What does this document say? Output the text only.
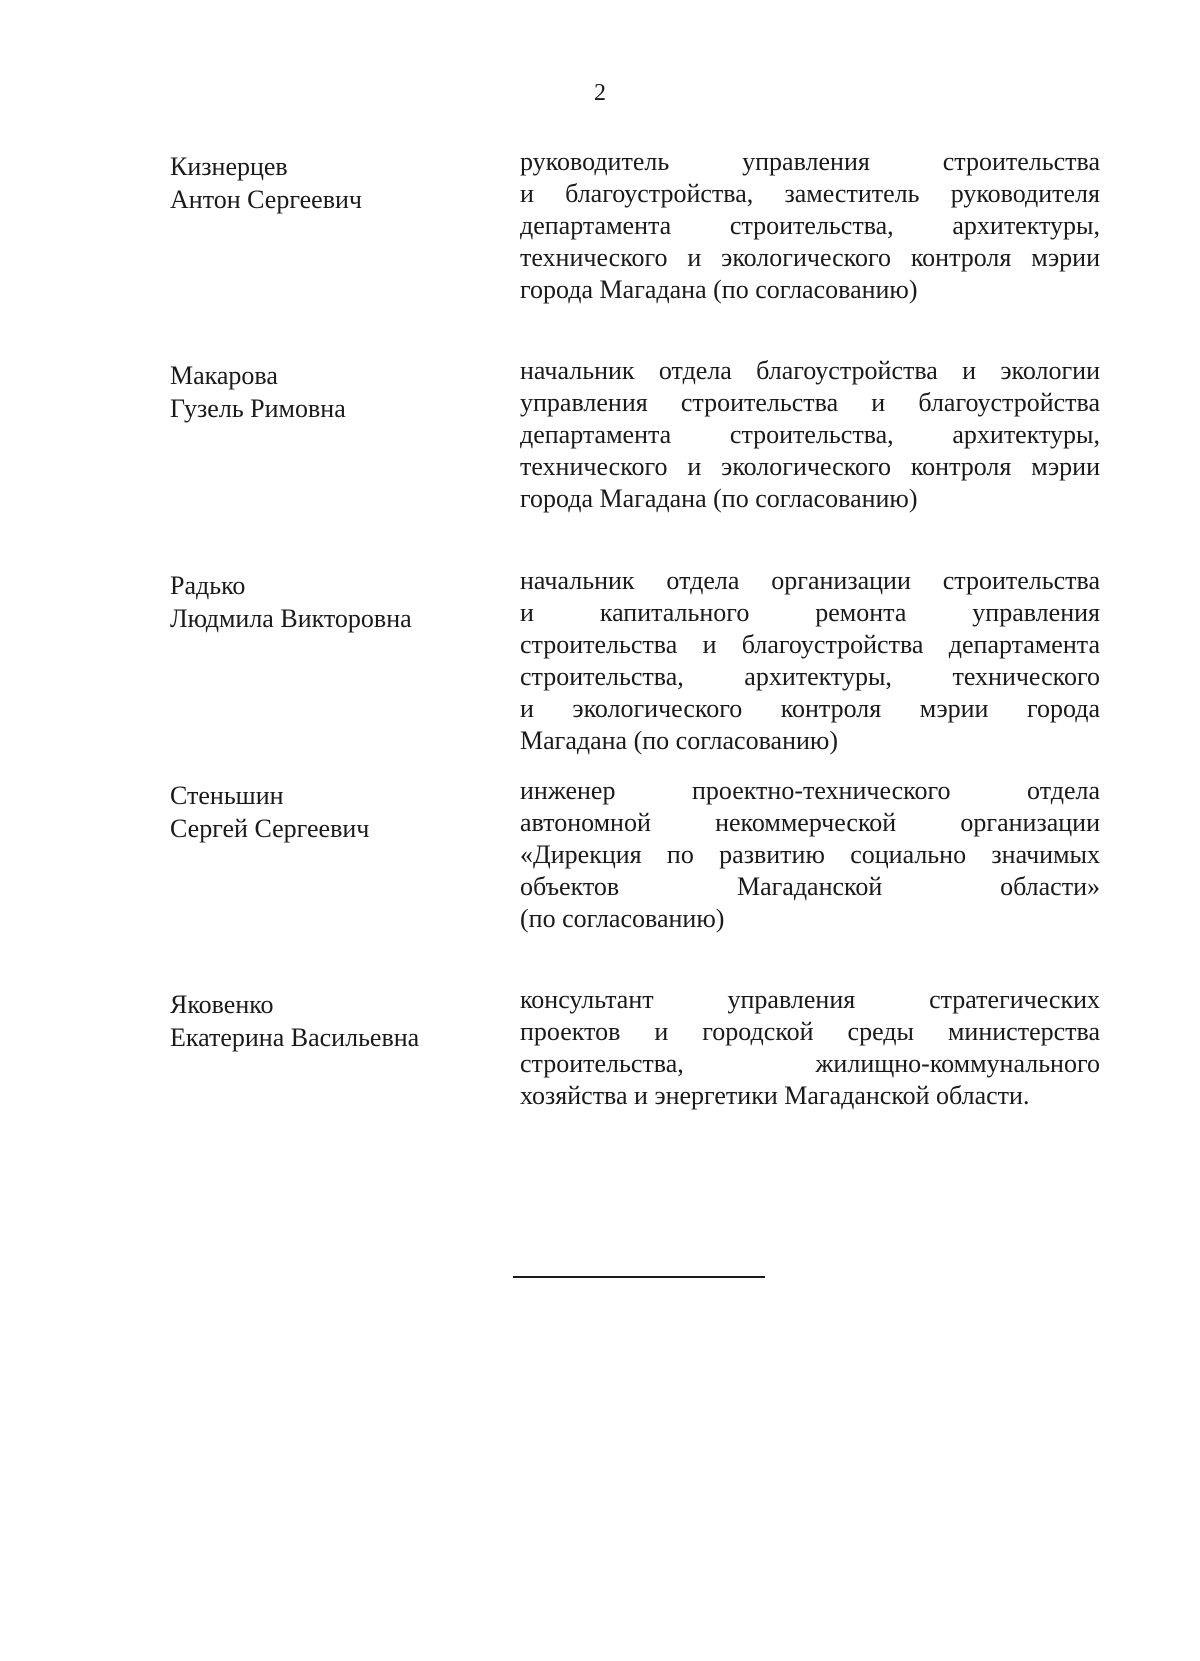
2
Кизнерцев
Антон Сергеевич
руководитель управления строительства
и благоустройства, заместитель руководителя
департамента строительства, архитектуры,
технического и экологического контроля мэрии
города Магадана (по согласованию)
Макарова
Гузель Римовна
начальник отдела благоустройства и экологии
управления строительства и благоустройства
департамента строительства, архитектуры,
технического и экологического контроля мэрии
города Магадана (по согласованию)
Радько
Людмила Викторовна
начальник отдела организации строительства
и капитального ремонта управления
строительства и благоустройства департамента
строительства, архитектуры, технического
и экологического контроля мэрии города
Магадана (по согласованию)
Стеньшин
Сергей Сергеевич
инженер проектно-технического отдела
автономной некоммерческой организации
«Дирекция по развитию социально значимых
объектов Магаданской области»
(по согласованию)
Яковенко
Екатерина Васильевна
консультант управления стратегических
проектов и городской среды министерства
строительства, жилищно-коммунального
хозяйства и энергетики Магаданской области.
